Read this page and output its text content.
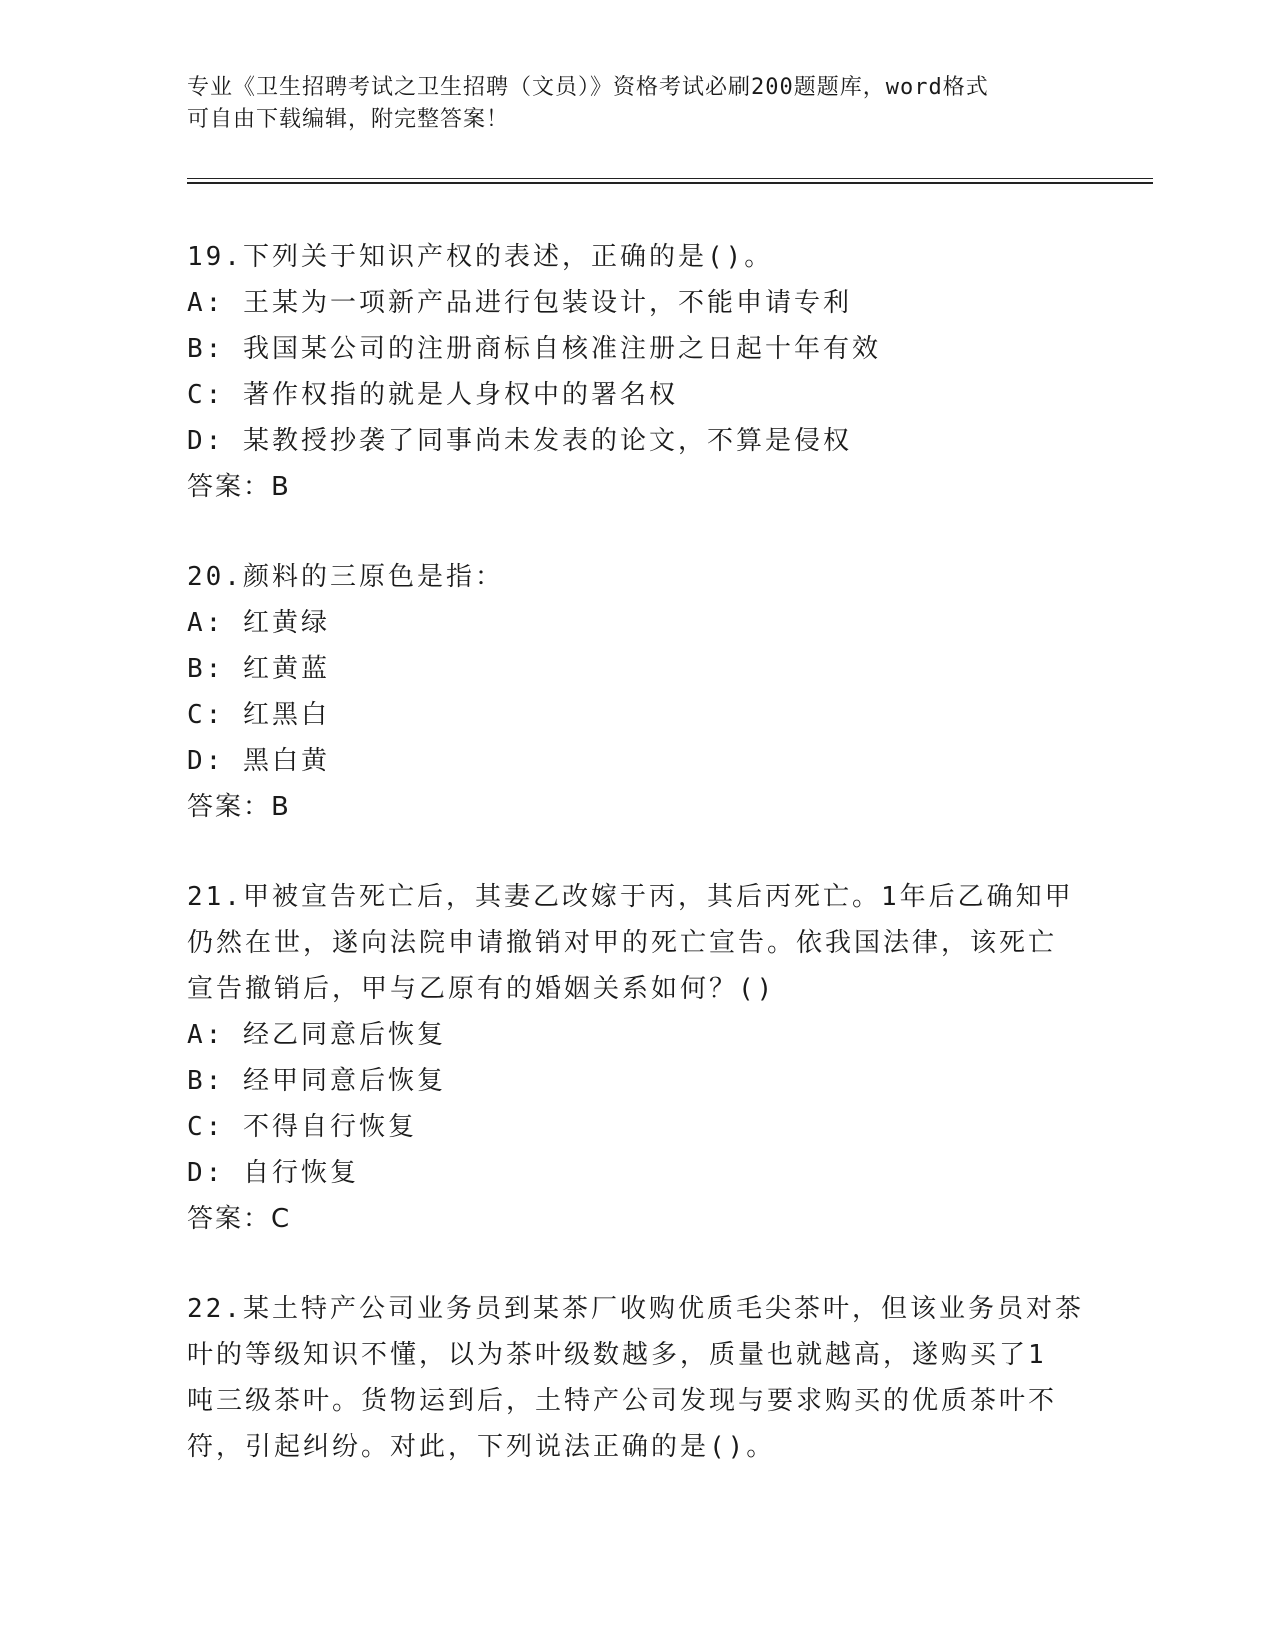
专业《卫生招聘考试之卫生招聘（文员）》资格考试必刷200题题库，word格式
可自由下载编辑，附完整答案！
19.下列关于知识产权的表述，正确的是()。
A: 王某为一项新产品进行包装设计，不能申请专利
B: 我国某公司的注册商标自核准注册之日起十年有效
C: 著作权指的就是人身权中的署名权
D: 某教授抄袭了同事尚未发表的论文，不算是侵权
答案：B
20.颜料的三原色是指：
A: 红黄绿
B: 红黄蓝
C: 红黑白
D: 黑白黄
答案：B
21.甲被宣告死亡后，其妻乙改嫁于丙，其后丙死亡。1年后乙确知甲
仍然在世，遂向法院申请撤销对甲的死亡宣告。依我国法律，该死亡
宣告撤销后，甲与乙原有的婚姻关系如何？()
A: 经乙同意后恢复
B: 经甲同意后恢复
C: 不得自行恢复
D: 自行恢复
答案：C
22.某土特产公司业务员到某茶厂收购优质毛尖茶叶，但该业务员对茶
叶的等级知识不懂，以为茶叶级数越多，质量也就越高，遂购买了1
吨三级茶叶。货物运到后，土特产公司发现与要求购买的优质茶叶不
符，引起纠纷。对此，下列说法正确的是()。
